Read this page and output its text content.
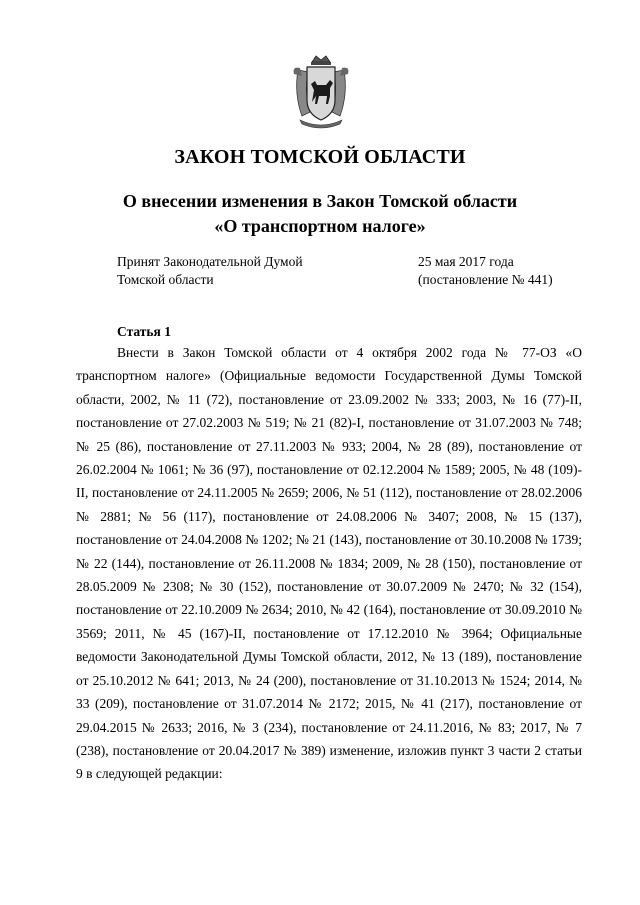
ЗАКОН ТОМСКОЙ ОБЛАСТИ
О внесении изменения в Закон Томской области
«О транспортном налоге»
Принят Законодательной Думой
Томской области
25 мая 2017 года
(постановление № 441)
Статья 1

Внести в Закон Томской области от 4 октября 2002 года № 77-ОЗ «О транспортном налоге» (Официальные ведомости Государственной Думы Томской области, 2002, № 11 (72), постановление от 23.09.2002 № 333; 2003, № 16 (77)-II, постановление от 27.02.2003 № 519; № 21 (82)-I, постановление от 31.07.2003 № 748; № 25 (86), постановление от 27.11.2003 № 933; 2004, № 28 (89), постановление от 26.02.2004 № 1061; № 36 (97), постановление от 02.12.2004 № 1589; 2005, № 48 (109)-II, постановление от 24.11.2005 № 2659; 2006, № 51 (112), постановление от 28.02.2006 № 2881; № 56 (117), постановление от 24.08.2006 № 3407; 2008, № 15 (137), постановление от 24.04.2008 № 1202; № 21 (143), постановление от 30.10.2008 № 1739; № 22 (144), постановление от 26.11.2008 № 1834; 2009, № 28 (150), постановление от 28.05.2009 № 2308; № 30 (152), постановление от 30.07.2009 № 2470; № 32 (154), постановление от 22.10.2009 № 2634; 2010, № 42 (164), постановление от 30.09.2010 № 3569; 2011, № 45 (167)-II, постановление от 17.12.2010 № 3964; Официальные ведомости Законодательной Думы Томской области, 2012, № 13 (189), постановление от 25.10.2012 № 641; 2013, № 24 (200), постановление от 31.10.2013 № 1524; 2014, № 33 (209), постановление от 31.07.2014 № 2172; 2015, № 41 (217), постановление от 29.04.2015 № 2633; 2016, № 3 (234), постановление от 24.11.2016, № 83; 2017, № 7 (238), постановление от 20.04.2017 № 389) изменение, изложив пункт 3 части 2 статьи 9 в следующей редакции:
